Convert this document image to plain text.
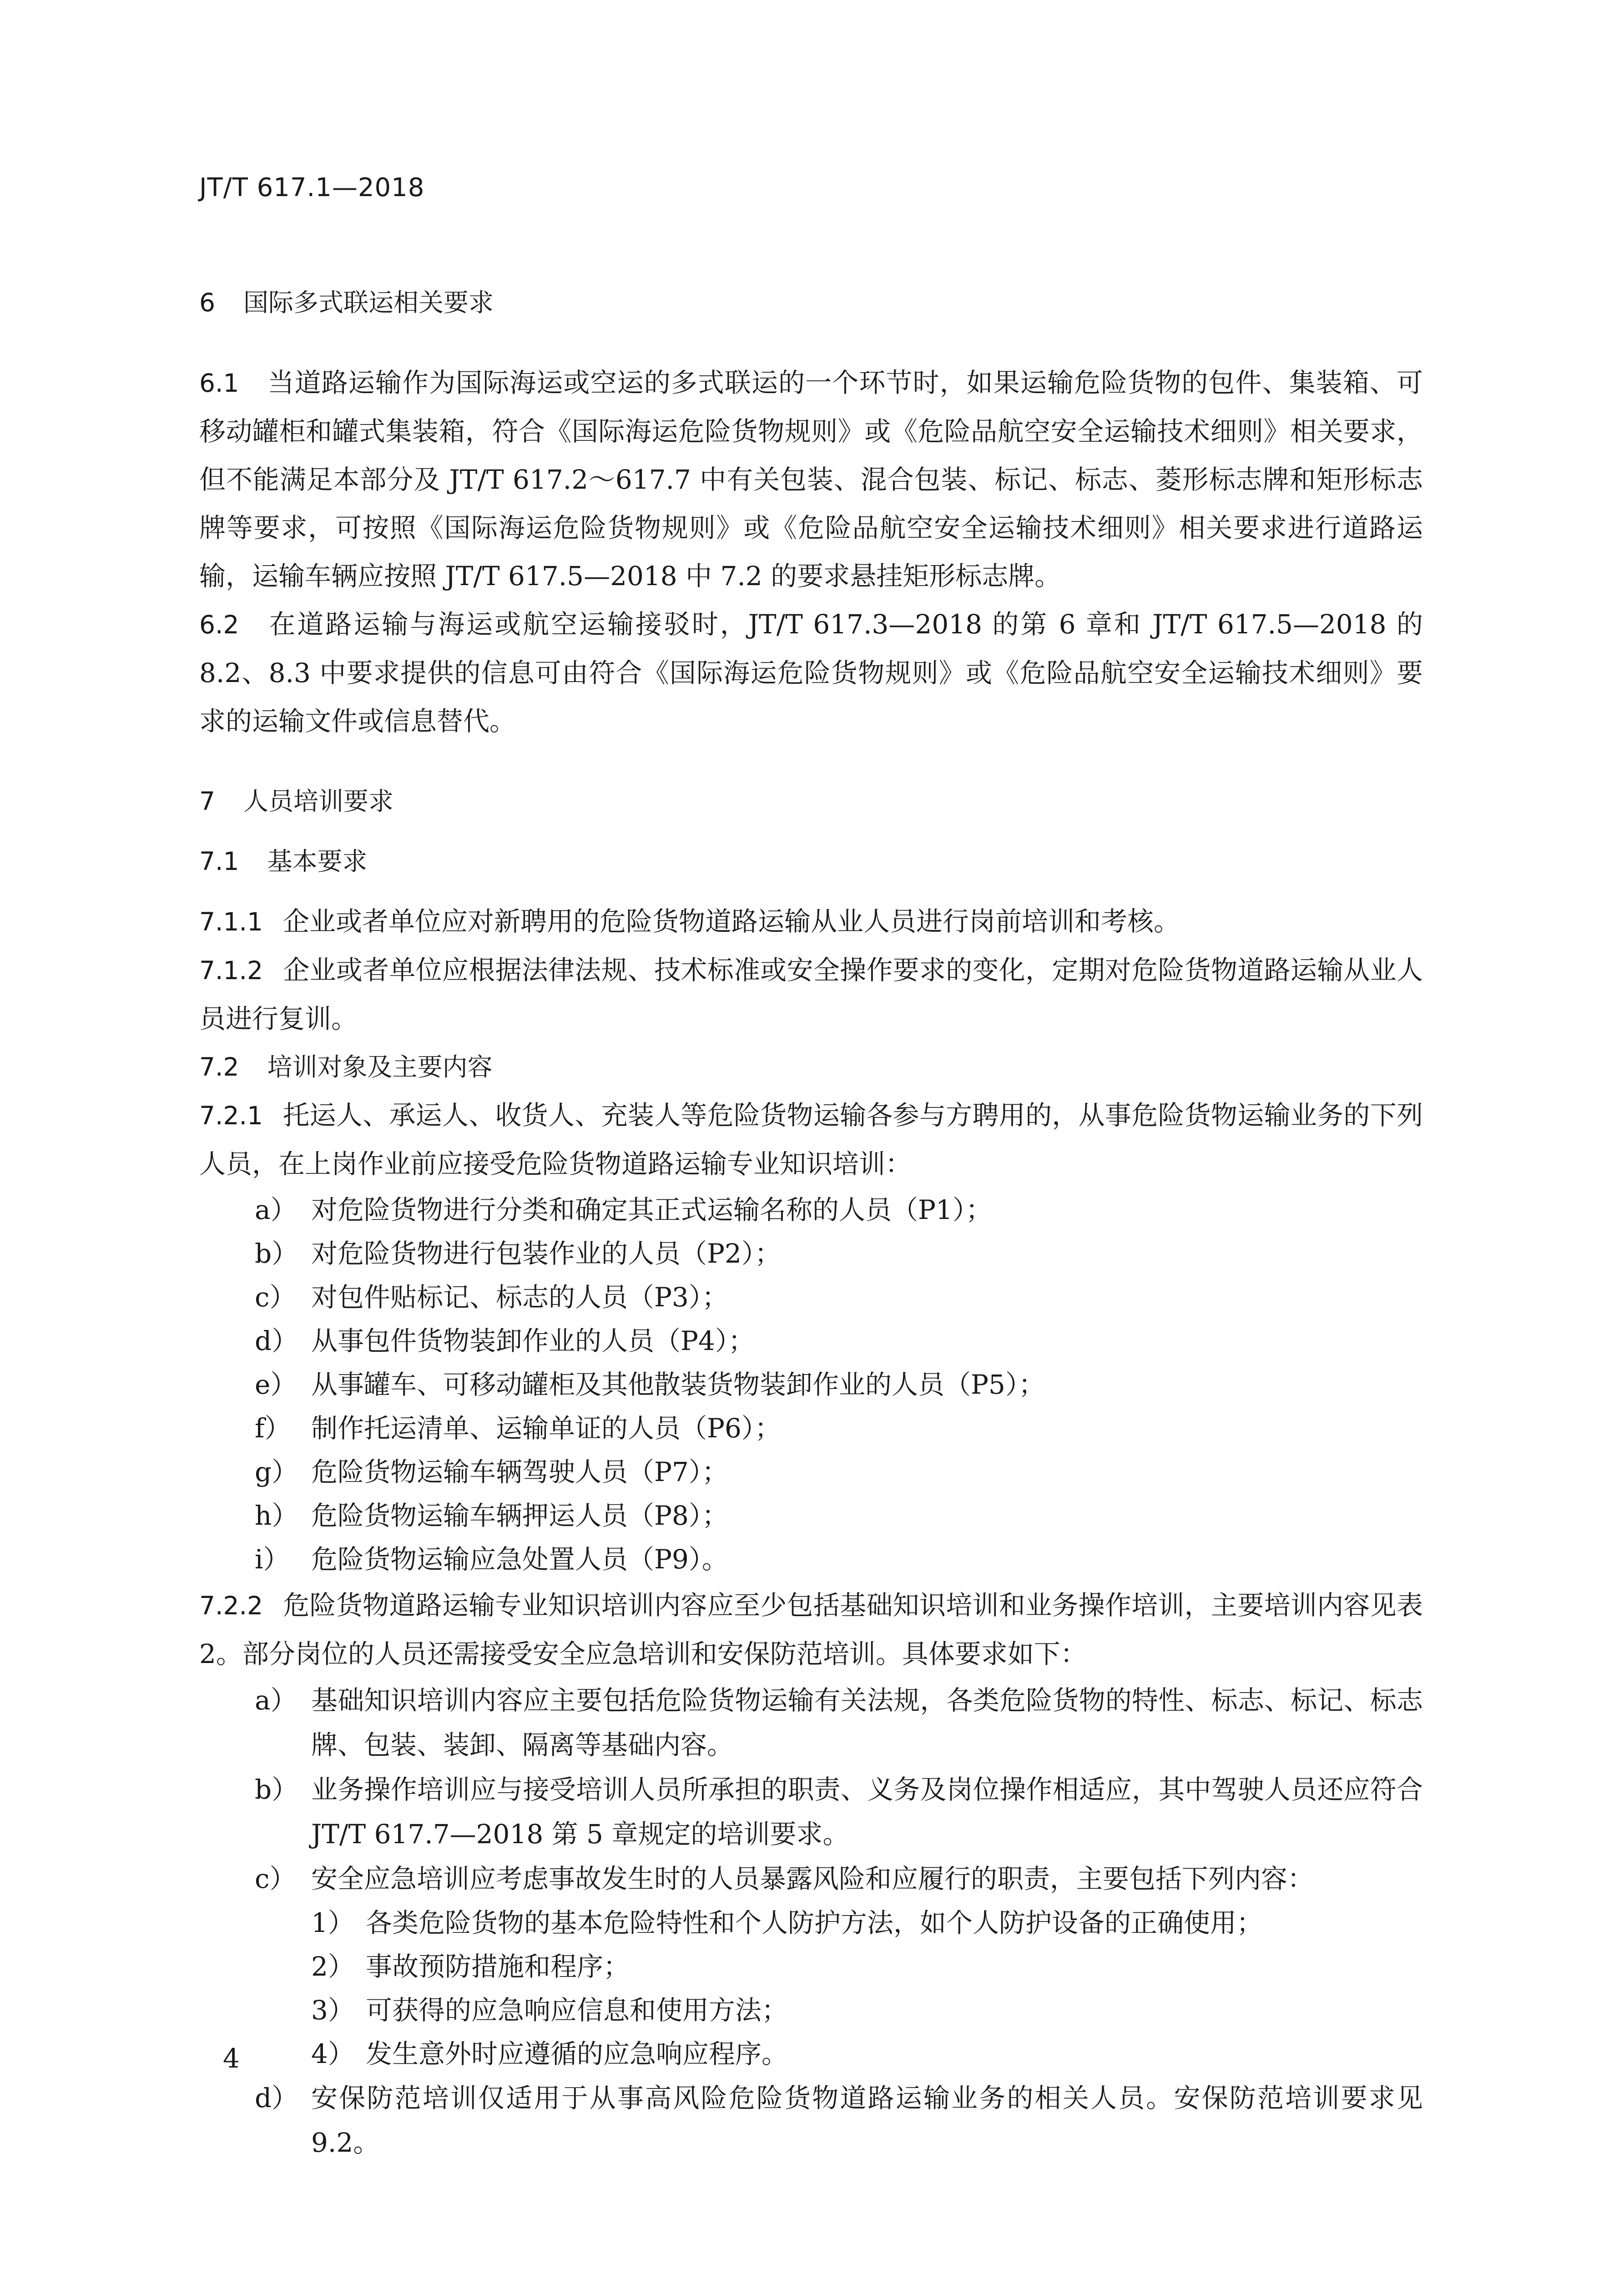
JT/T 617.1—2018
6 国际多式联运相关要求

6.1 当道路运输作为国际海运或空运的多式联运的一个环节时，如果运输危险货物的包件、集装箱、可移动罐柜和罐式集装箱，符合《国际海运危险货物规则》或《危险品航空安全运输技术细则》相关要求，但不能满足本部分及 JT/T 617.2～617.7 中有关包装、混合包装、标记、标志、菱形标志牌和矩形标志牌等要求，可按照《国际海运危险货物规则》或《危险品航空安全运输技术细则》相关要求进行道路运输，运输车辆应按照 JT/T 617.5—2018 中 7.2 的要求悬挂矩形标志牌。

6.2 在道路运输与海运或航空运输接驳时，JT/T 617.3—2018 的第 6 章和 JT/T 617.5—2018 的 8.2、8.3 中要求提供的信息可由符合《国际海运危险货物规则》或《危险品航空安全运输技术细则》要求的运输文件或信息替代。

7 人员培训要求
7.1 基本要求

7.1.1 企业或者单位应对新聘用的危险货物道路运输从业人员进行岗前培训和考核。

7.1.2 企业或者单位应根据法律法规、技术标准或安全操作要求的变化，定期对危险货物道路运输从业人员进行复训。

7.2 培训对象及主要内容

7.2.1 托运人、承运人、收货人、充装人等危险货物运输各参与方聘用的，从事危险货物运输业务的下列人员，在上岗作业前应接受危险货物道路运输专业知识培训：

a） 对危险货物进行分类和确定其正式运输名称的人员（P1）；
b） 对危险货物进行包装作业的人员（P2）；
c） 对包件贴标记、标志的人员（P3）；
d） 从事包件货物装卸作业的人员（P4）；
e） 从事罐车、可移动罐柜及其他散装货物装卸作业的人员（P5）；
f） 制作托运清单、运输单证的人员（P6）；
g） 危险货物运输车辆驾驶人员（P7）；
h） 危险货物运输车辆押运人员（P8）；
i） 危险货物运输应急处置人员（P9）。

7.2.2 危险货物道路运输专业知识培训内容应至少包括基础知识培训和业务操作培训，主要培训内容见表 2。部分岗位的人员还需接受安全应急培训和安保防范培训。具体要求如下：

a） 基础知识培训内容应主要包括危险货物运输有关法规，各类危险货物的特性、标志、标记、标志牌、包装、装卸、隔离等基础内容。
b） 业务操作培训应与接受培训人员所承担的职责、义务及岗位操作相适应，其中驾驶人员还应符合 JT/T 617.7—2018 第 5 章规定的培训要求。
c） 安全应急培训应考虑事故发生时的人员暴露风险和应履行的职责，主要包括下列内容：
1） 各类危险货物的基本危险特性和个人防护方法，如个人防护设备的正确使用；
2） 事故预防措施和程序；
3） 可获得的应急响应信息和使用方法；
4） 发生意外时应遵循的应急响应程序。
d） 安保防范培训仅适用于从事高风险危险货物道路运输业务的相关人员。安保防范培训要求见 9.2。
4
